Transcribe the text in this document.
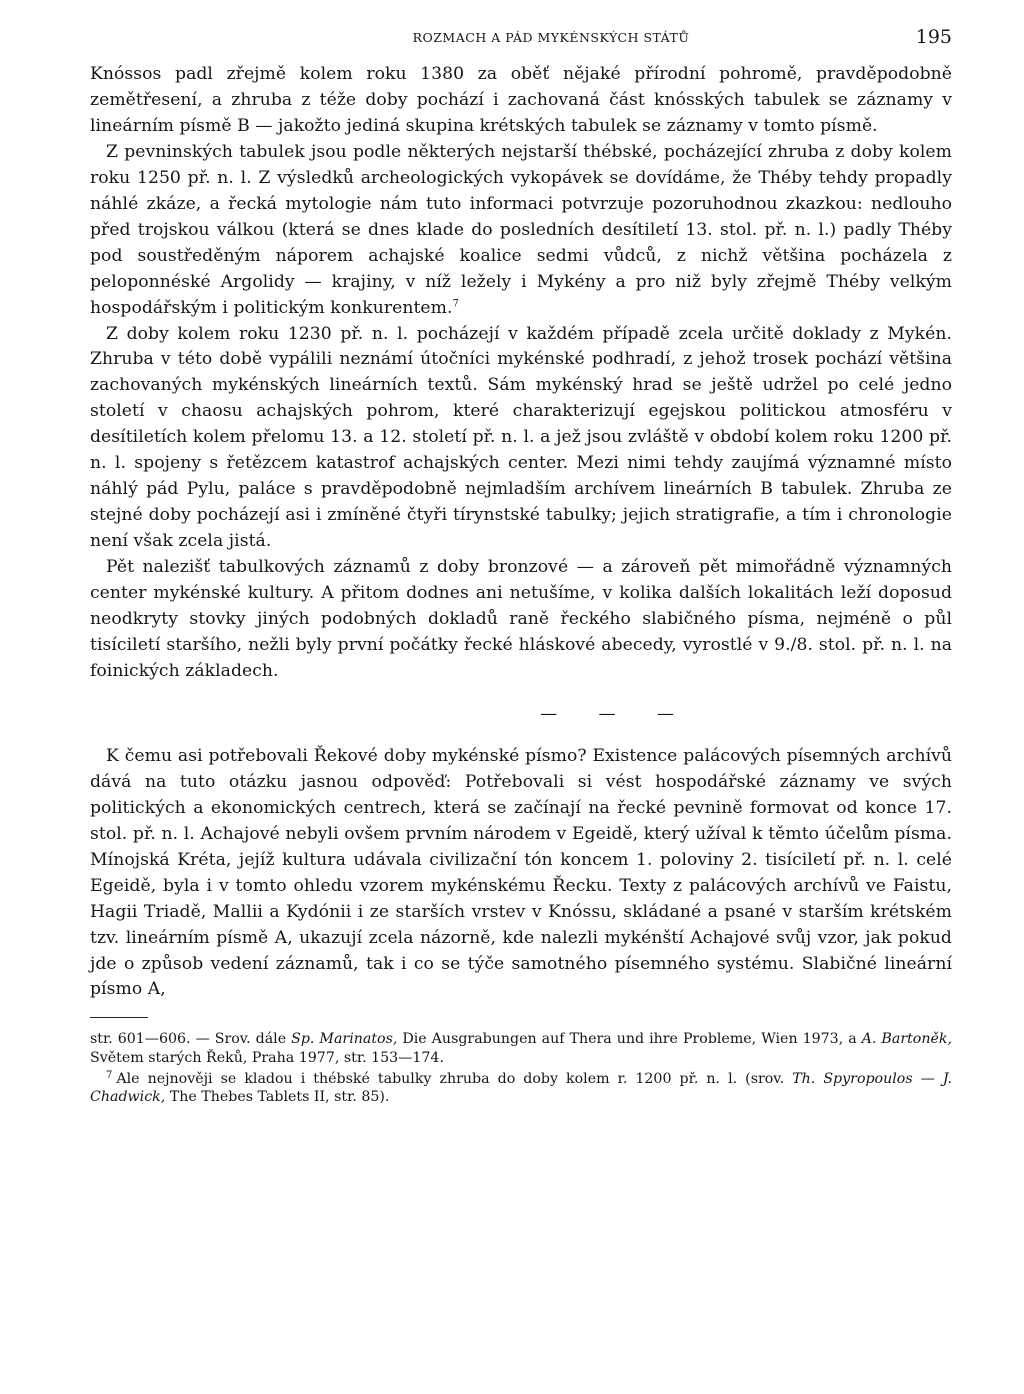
ROZMACH A PÁD MYKÉNSKÝCH STÁTŮ	195

Knóssos padl zřejmě kolem roku 1380 za oběť nějaké přírodní pohromě, pravděpodobně zemětřesení, a zhruba z téže doby pochází i zachovaná část knósských tabulek se záznamy v lineárním písmě B — jakožto jediná skupina krétských tabulek se záznamy v tomto písmě.

Z pevninských tabulek jsou podle některých nejstarší thébské, pocházející zhruba z doby kolem roku 1250 př. n. l. Z výsledků archeologických vykopávek se dovídáme, že Théby tehdy propadly náhlé zkáze, a řecká mytologie nám tuto informaci potvrzuje pozoruhodnou zkazkou: nedlouho před trojskou válkou (která se dnes klade do posledních desítiletí 13. stol. př. n. l.) padly Théby pod soustředěným náporem achajské koalice sedmi vůdců, z nichž většina pocházela z peloponnéské Argolidy — krajiny, v níž ležely i Mykény a pro niž byly zřejmě Théby velkým hospodářským i politickým konkurentem.$^7$

Z doby kolem roku 1230 př. n. l. pocházejí v každém případě zcela určitě doklady z Mykén. Zhruba v této době vypálili neznámí útočníci mykénské podhradí, z jehož trosek pochází většina zachovaných mykénských lineárních textů. Sám mykénský hrad se ještě udržel po celé jedno století v chaosu achajských pohrom, které charakterizují egejskou politickou atmosféru v desítiletích kolem přelomu 13. a 12. století př. n. l. a jež jsou zvláště v období kolem roku 1200 př. n. l. spojeny s řetězcem katastrof achajských center. Mezi nimi tehdy zaujímá významné místo náhlý pád Pylu, paláce s pravděpodobně nejmladším archívem lineárních B tabulek. Zhruba ze stejné doby pocházejí asi i zmíněné čtyři tírynstské tabulky; jejich stratigrafie, a tím i chronologie není však zcela jistá.

Pět nalezišť tabulkových záznamů z doby bronzové — a zároveň pět mimořádně významných center mykénské kultury. A přitom dodnes ani netušíme, v kolika dalších lokalitách leží doposud neodkryty stovky jiných podobných dokladů raně řeckého slabičného písma, nejméně o půl tisíciletí staršího, nežli byly první počátky řecké hláskové abecedy, vyrostlé v 9./8. stol. př. n. l. na foinických základech.

— — —

K čemu asi potřebovali Řekové doby mykénské písmo? Existence palácových písemných archívů dává na tuto otázku jasnou odpověď: Potřebovali si vést hospodářské záznamy ve svých politických a ekonomických centrech, která se začínají na řecké pevnině formovat od konce 17. stol. př. n. l. Achajové nebyli ovšem prvním národem v Egeidě, který užíval k těmto účelům písma. Mínojská Kréta, jejíž kultura udávala civilizační tón koncem 1. poloviny 2. tisíciletí př. n. l. celé Egeidě, byla i v tomto ohledu vzorem mykénskému Řecku. Texty z palácových archívů ve Faistu, Hagii Triadě, Mallii a Kydónii i ze starších vrstev v Knóssu, skládané a psané v starším krétském tzv. lineárním písmě A, ukazují zcela názorně, kde nalezli mykénští Achajové svůj vzor, jak pokud jde o způsob vedení záznamů, tak i co se týče samotného písemného systému. Slabičné lineární písmo A,

str. 601—606. — Srov. dále Sp. Marinatos, Die Ausgrabungen auf Thera und ihre Probleme, Wien 1973, a A. Bartoněk, Světem starých Řeků, Praha 1977, str. 153—174.

$^7$ Ale nejnověji se kladou i thébské tabulky zhruba do doby kolem r. 1200 př. n. l. (srov. Th. Spyropoulos — J. Chadwick, The Thebes Tablets II, str. 85).
